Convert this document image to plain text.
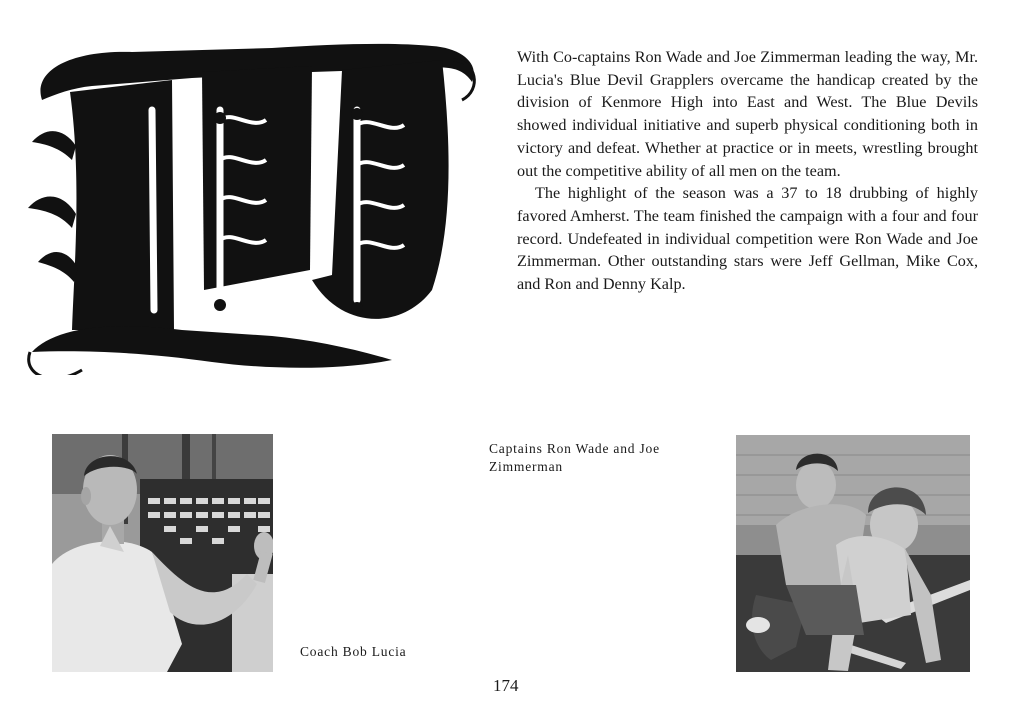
With Co-captains Ron Wade and Joe Zimmerman leading the way, Mr. Lucia's Blue Devil Grapplers overcame the handicap created by the division of Kenmore High into East and West. The Blue Devils showed individual initiative and superb physical conditioning both in victory and defeat. Whether at practice or in meets, wrestling brought out the competitive ability of all men on the team.

The highlight of the season was a 37 to 18 drubbing of highly favored Amherst. The team finished the campaign with a four and four record. Undefeated in individual competition were Ron Wade and Joe Zimmerman. Other outstanding stars were Jeff Gellman, Mike Cox, and Ron and Denny Kalp.

Coach Bob Lucia
Captains Ron Wade and Joe Zimmerman
174
